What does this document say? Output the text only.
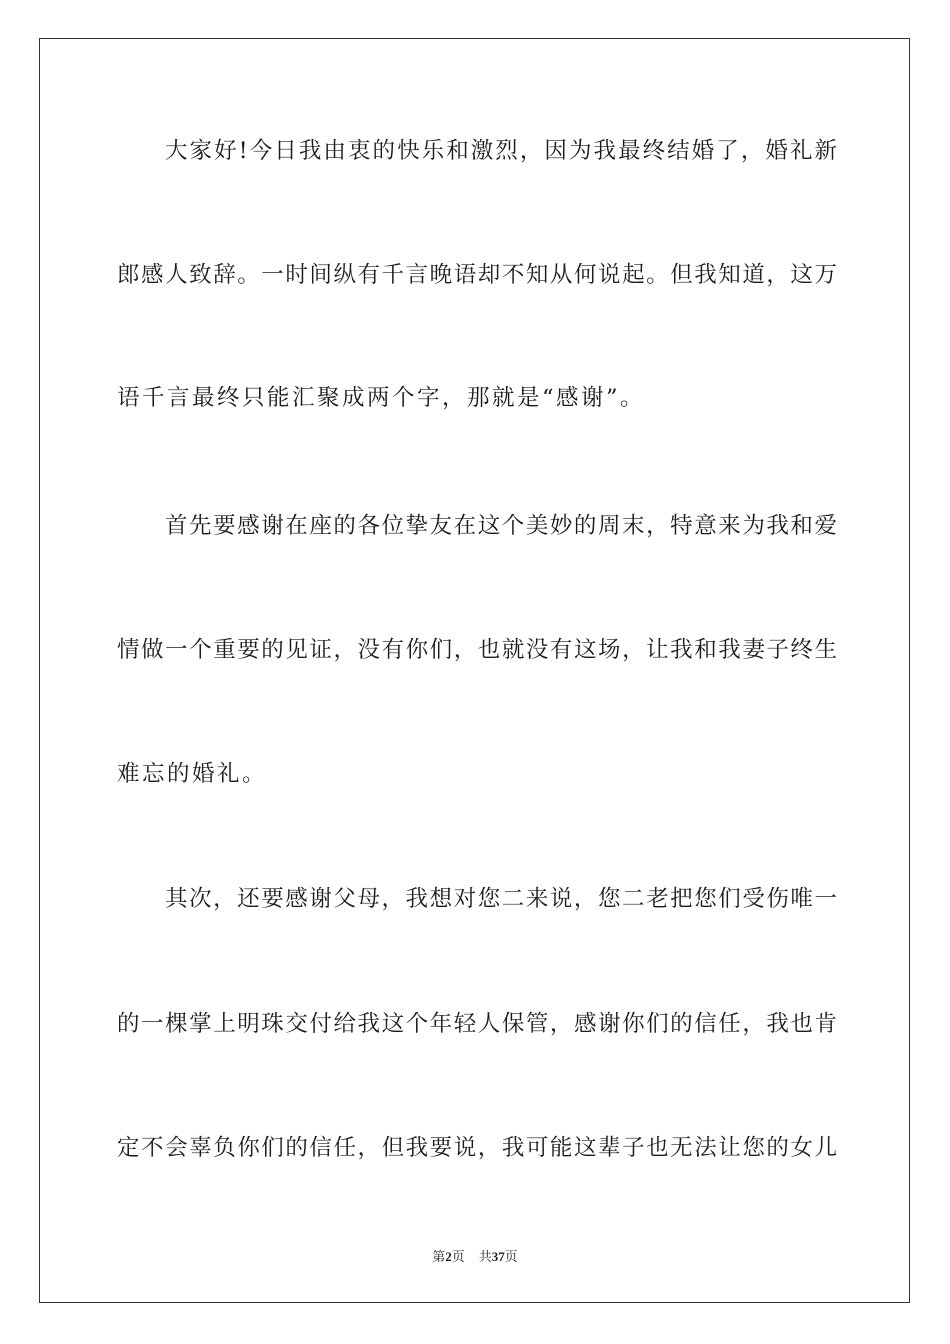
大家好!今日我由衷的快乐和激烈，因为我最终结婚了，婚礼新
郎感人致辞。一时间纵有千言晚语却不知从何说起。但我知道，这万
语千言最终只能汇聚成两个字，那就是“感谢”。
首先要感谢在座的各位挚友在这个美妙的周末，特意来为我和爱
情做一个重要的见证，没有你们，也就没有这场，让我和我妻子终生
难忘的婚礼。
其次，还要感谢父母，我想对您二来说，您二老把您们受伤唯一
的一棵掌上明珠交付给我这个年轻人保管，感谢你们的信任，我也肯
定不会辜负你们的信任，但我要说，我可能这辈子也无法让您的女儿
第2页 共37页
